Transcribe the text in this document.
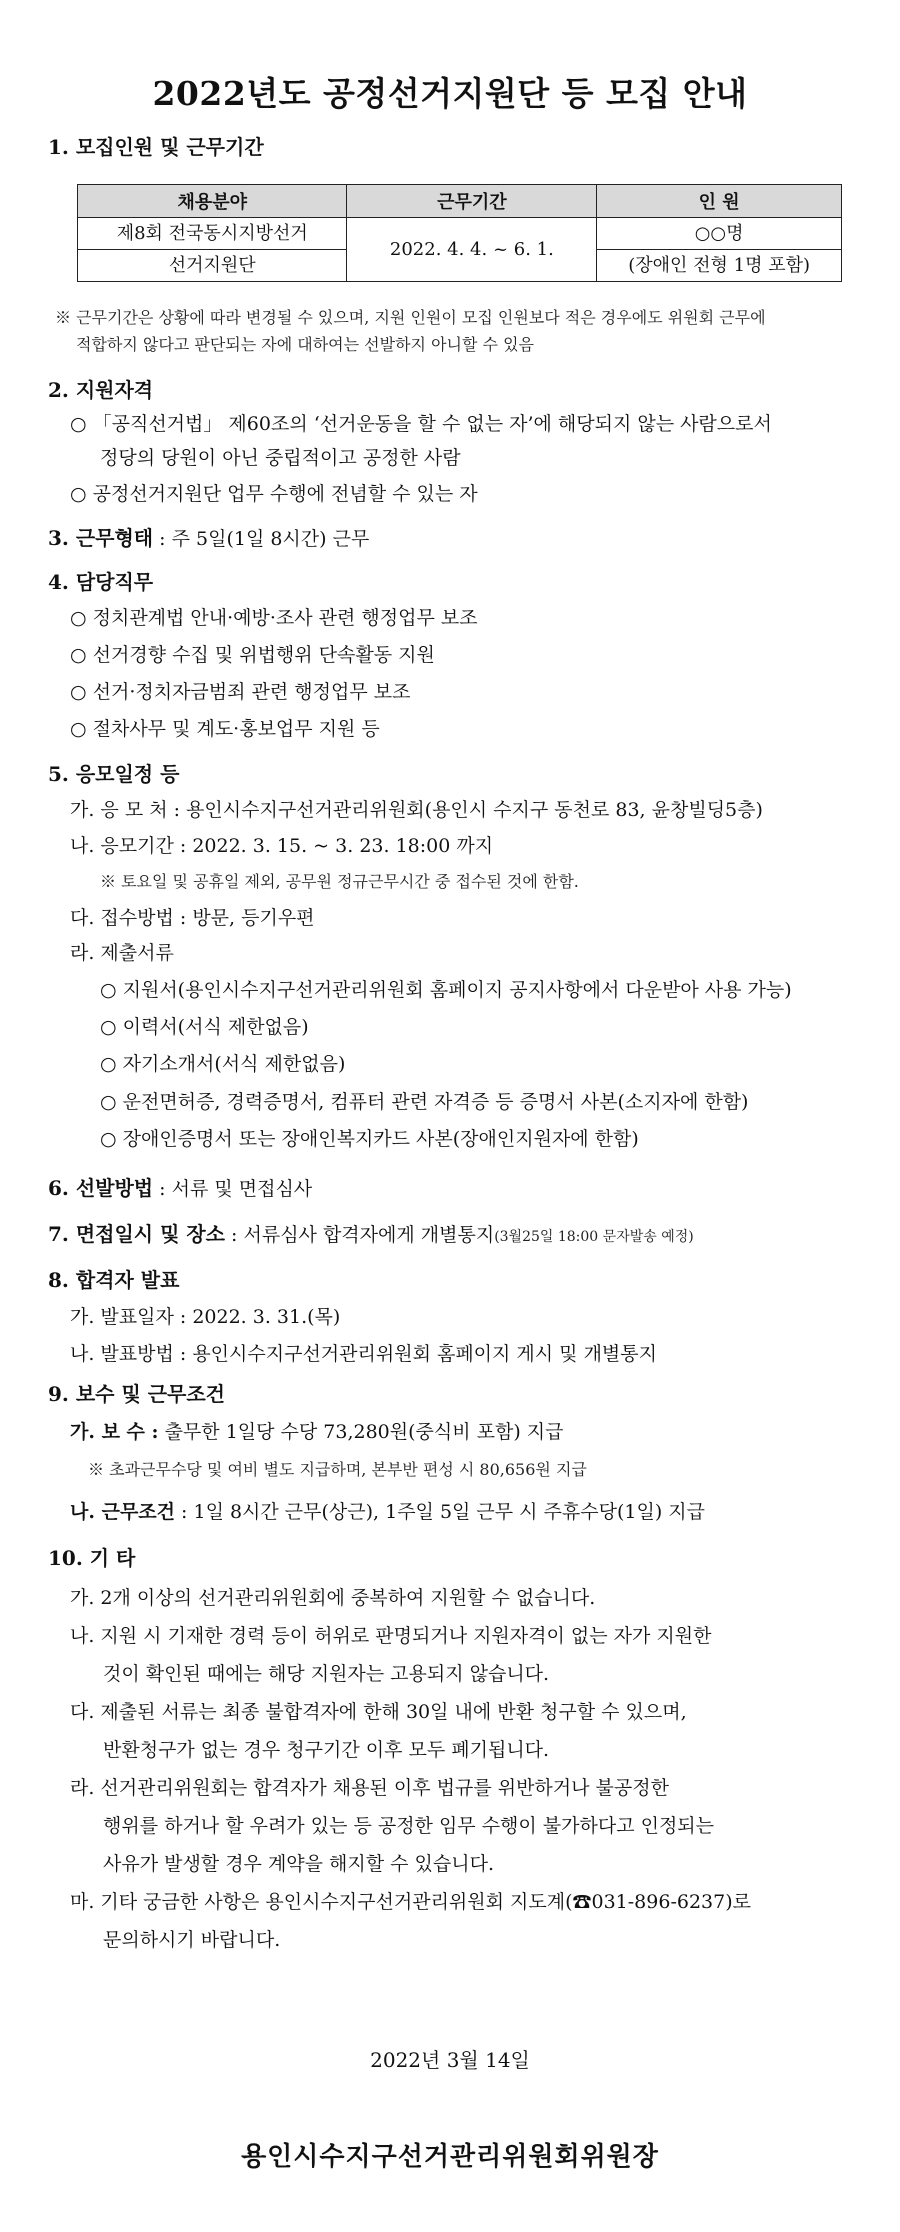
2022년도 공정선거지원단 등 모집 안내
1. 모집인원 및 근무기간
채용분야	근무기간	인 원
제8회 전국동시지방선거	2022. 4. 4. ~ 6. 1.	○○명
선거지원단		(장애인 전형 1명 포함)
※ 근무기간은 상황에 따라 변경될 수 있으며, 지원 인원이 모집 인원보다 적은 경우에도 위원회 근무에
적합하지 않다고 판단되는 자에 대하여는 선발하지 아니할 수 있음
2. 지원자격
○ 「공직선거법」 제60조의 ‘선거운동을 할 수 없는 자’에 해당되지 않는 사람으로서
정당의 당원이 아닌 중립적이고 공정한 사람
○ 공정선거지원단 업무 수행에 전념할 수 있는 자
3. 근무형태 : 주 5일(1일 8시간) 근무
4. 담당직무
○ 정치관계법 안내·예방·조사 관련 행정업무 보조
○ 선거경향 수집 및 위법행위 단속활동 지원
○ 선거·정치자금범죄 관련 행정업무 보조
○ 절차사무 및 계도·홍보업무 지원 등
5. 응모일정 등
가. 응 모 처 : 용인시수지구선거관리위원회(용인시 수지구 동천로 83, 윤창빌딩5층)
나. 응모기간 : 2022. 3. 15. ~ 3. 23. 18:00 까지
※ 토요일 및 공휴일 제외, 공무원 정규근무시간 중 접수된 것에 한함.
다. 접수방법 : 방문, 등기우편
라. 제출서류
○ 지원서(용인시수지구선거관리위원회 홈페이지 공지사항에서 다운받아 사용 가능)
○ 이력서(서식 제한없음)
○ 자기소개서(서식 제한없음)
○ 운전면허증, 경력증명서, 컴퓨터 관련 자격증 등 증명서 사본(소지자에 한함)
○ 장애인증명서 또는 장애인복지카드 사본(장애인지원자에 한함)
6. 선발방법 : 서류 및 면접심사
7. 면접일시 및 장소 : 서류심사 합격자에게 개별통지(3월25일 18:00 문자발송 예정)
8. 합격자 발표
가. 발표일자 : 2022. 3. 31.(목)
나. 발표방법 : 용인시수지구선거관리위원회 홈페이지 게시 및 개별통지
9. 보수 및 근무조건
가. 보 수 : 출무한 1일당 수당 73,280원(중식비 포함) 지급
※ 초과근무수당 및 여비 별도 지급하며, 본부반 편성 시 80,656원 지급
나. 근무조건 : 1일 8시간 근무(상근), 1주일 5일 근무 시 주휴수당(1일) 지급
10. 기 타
가. 2개 이상의 선거관리위원회에 중복하여 지원할 수 없습니다.
나. 지원 시 기재한 경력 등이 허위로 판명되거나 지원자격이 없는 자가 지원한
것이 확인된 때에는 해당 지원자는 고용되지 않습니다.
다. 제출된 서류는 최종 불합격자에 한해 30일 내에 반환 청구할 수 있으며,
반환청구가 없는 경우 청구기간 이후 모두 폐기됩니다.
라. 선거관리위원회는 합격자가 채용된 이후 법규를 위반하거나 불공정한
행위를 하거나 할 우려가 있는 등 공정한 임무 수행이 불가하다고 인정되는
사유가 발생할 경우 계약을 해지할 수 있습니다.
마. 기타 궁금한 사항은 용인시수지구선거관리위원회 지도계(☎031-896-6237)로
문의하시기 바랍니다.
2022년 3월 14일
용인시수지구선거관리위원회위원장
